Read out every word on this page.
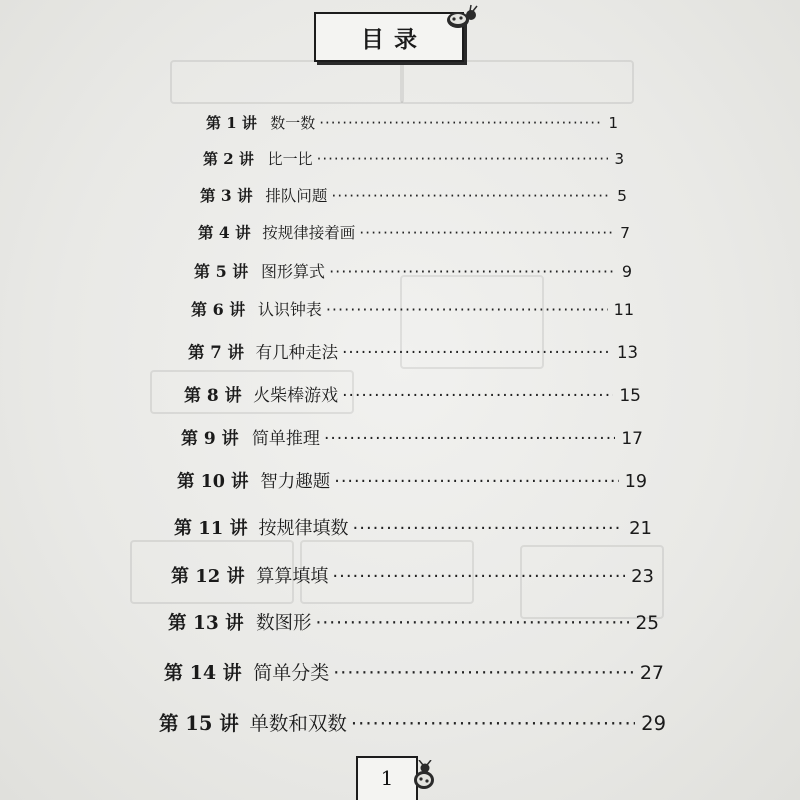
目录
第 1 讲 数一数 ·····	1
第 2 讲 比一比 ·····	3
第 3 讲 排队问题 ·····	5
第 4 讲 按规律接着画 ·····	7
第 5 讲 图形算式 ·····	9
第 6 讲 认识钟表 ·····	11
第 7 讲 有几种走法 ·····	13
第 8 讲 火柴棒游戏 ·····	15
第 9 讲 简单推理 ·····	17
第 10 讲 智力趣题 ·····	19
第 11 讲 按规律填数 ·····	21
第 12 讲 算算填填 ·····	23
第 13 讲 数图形 ·····	25
第 14 讲 简单分类 ·····	27
第 15 讲 单数和双数 ·····	29
1
